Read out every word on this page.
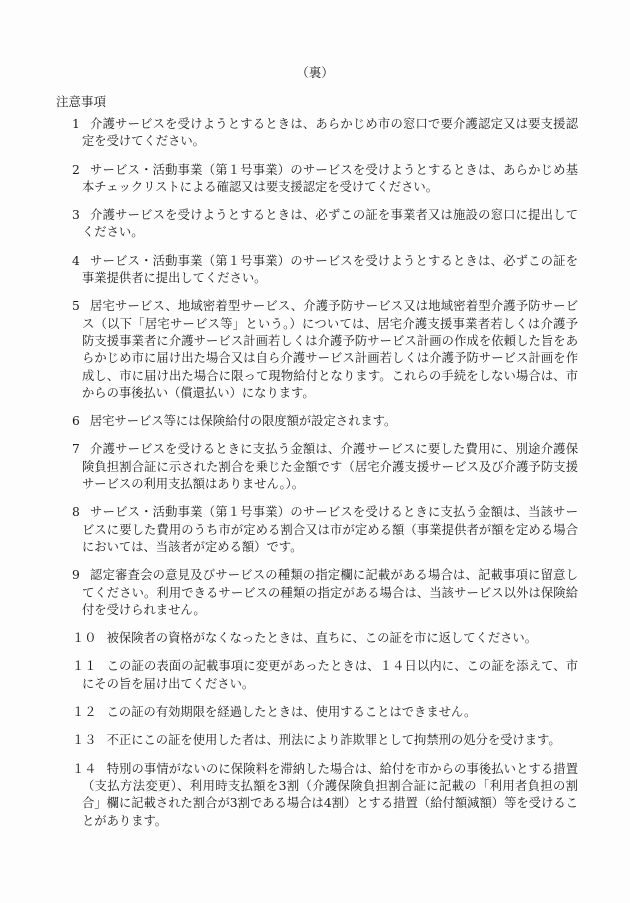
（裏）
注意事項
1 介護サービスを受けようとするときは、あらかじめ市の窓口で要介護認定又は要支援認定を受けてください。
2 サービス・活動事業（第１号事業）のサービスを受けようとするときは、あらかじめ基本チェックリストによる確認又は要支援認定を受けてください。
3 介護サービスを受けようとするときは、必ずこの証を事業者又は施設の窓口に提出してください。
4 サービス・活動事業（第１号事業）のサービスを受けようとするときは、必ずこの証を事業提供者に提出してください。
5 居宅サービス、地域密着型サービス、介護予防サービス又は地域密着型介護予防サービス（以下「居宅サービス等」という。）については、居宅介護支援事業者若しくは介護予防支援事業者に介護サービス計画若しくは介護予防サービス計画の作成を依頼した旨をあらかじめ市に届け出た場合又は自ら介護サービス計画若しくは介護予防サービス計画を作成し、市に届け出た場合に限って現物給付となります。これらの手続をしない場合は、市からの事後払い（償還払い）になります。
6 居宅サービス等には保険給付の限度額が設定されます。
7 介護サービスを受けるときに支払う金額は、介護サービスに要した費用に、別途介護保険負担割合証に示された割合を乗じた金額です（居宅介護支援サービス及び介護予防支援サービスの利用支払額はありません。）。
8 サービス・活動事業（第１号事業）のサービスを受けるときに支払う金額は、当該サービスに要した費用のうち市が定める割合又は市が定める額（事業提供者が額を定める場合においては、当該者が定める額）です。
9 認定審査会の意見及びサービスの種類の指定欄に記載がある場合は、記載事項に留意してください。利用できるサービスの種類の指定がある場合は、当該サービス以外は保険給付を受けられません。
１０ 被保険者の資格がなくなったときは、直ちに、この証を市に返してください。
１１ この証の表面の記載事項に変更があったときは、１４日以内に、この証を添えて、市にその旨を届け出てください。
１２ この証の有効期限を経過したときは、使用することはできません。
１３ 不正にこの証を使用した者は、刑法により詐欺罪として拘禁刑の処分を受けます。
１４ 特別の事情がないのに保険料を滞納した場合は、給付を市からの事後払いとする措置（支払方法変更）、利用時支払額を3割（介護保険負担割合証に記載の「利用者負担の割合」欄に記載された割合が3割である場合は4割）とする措置（給付額減額）等を受けることがあります。
